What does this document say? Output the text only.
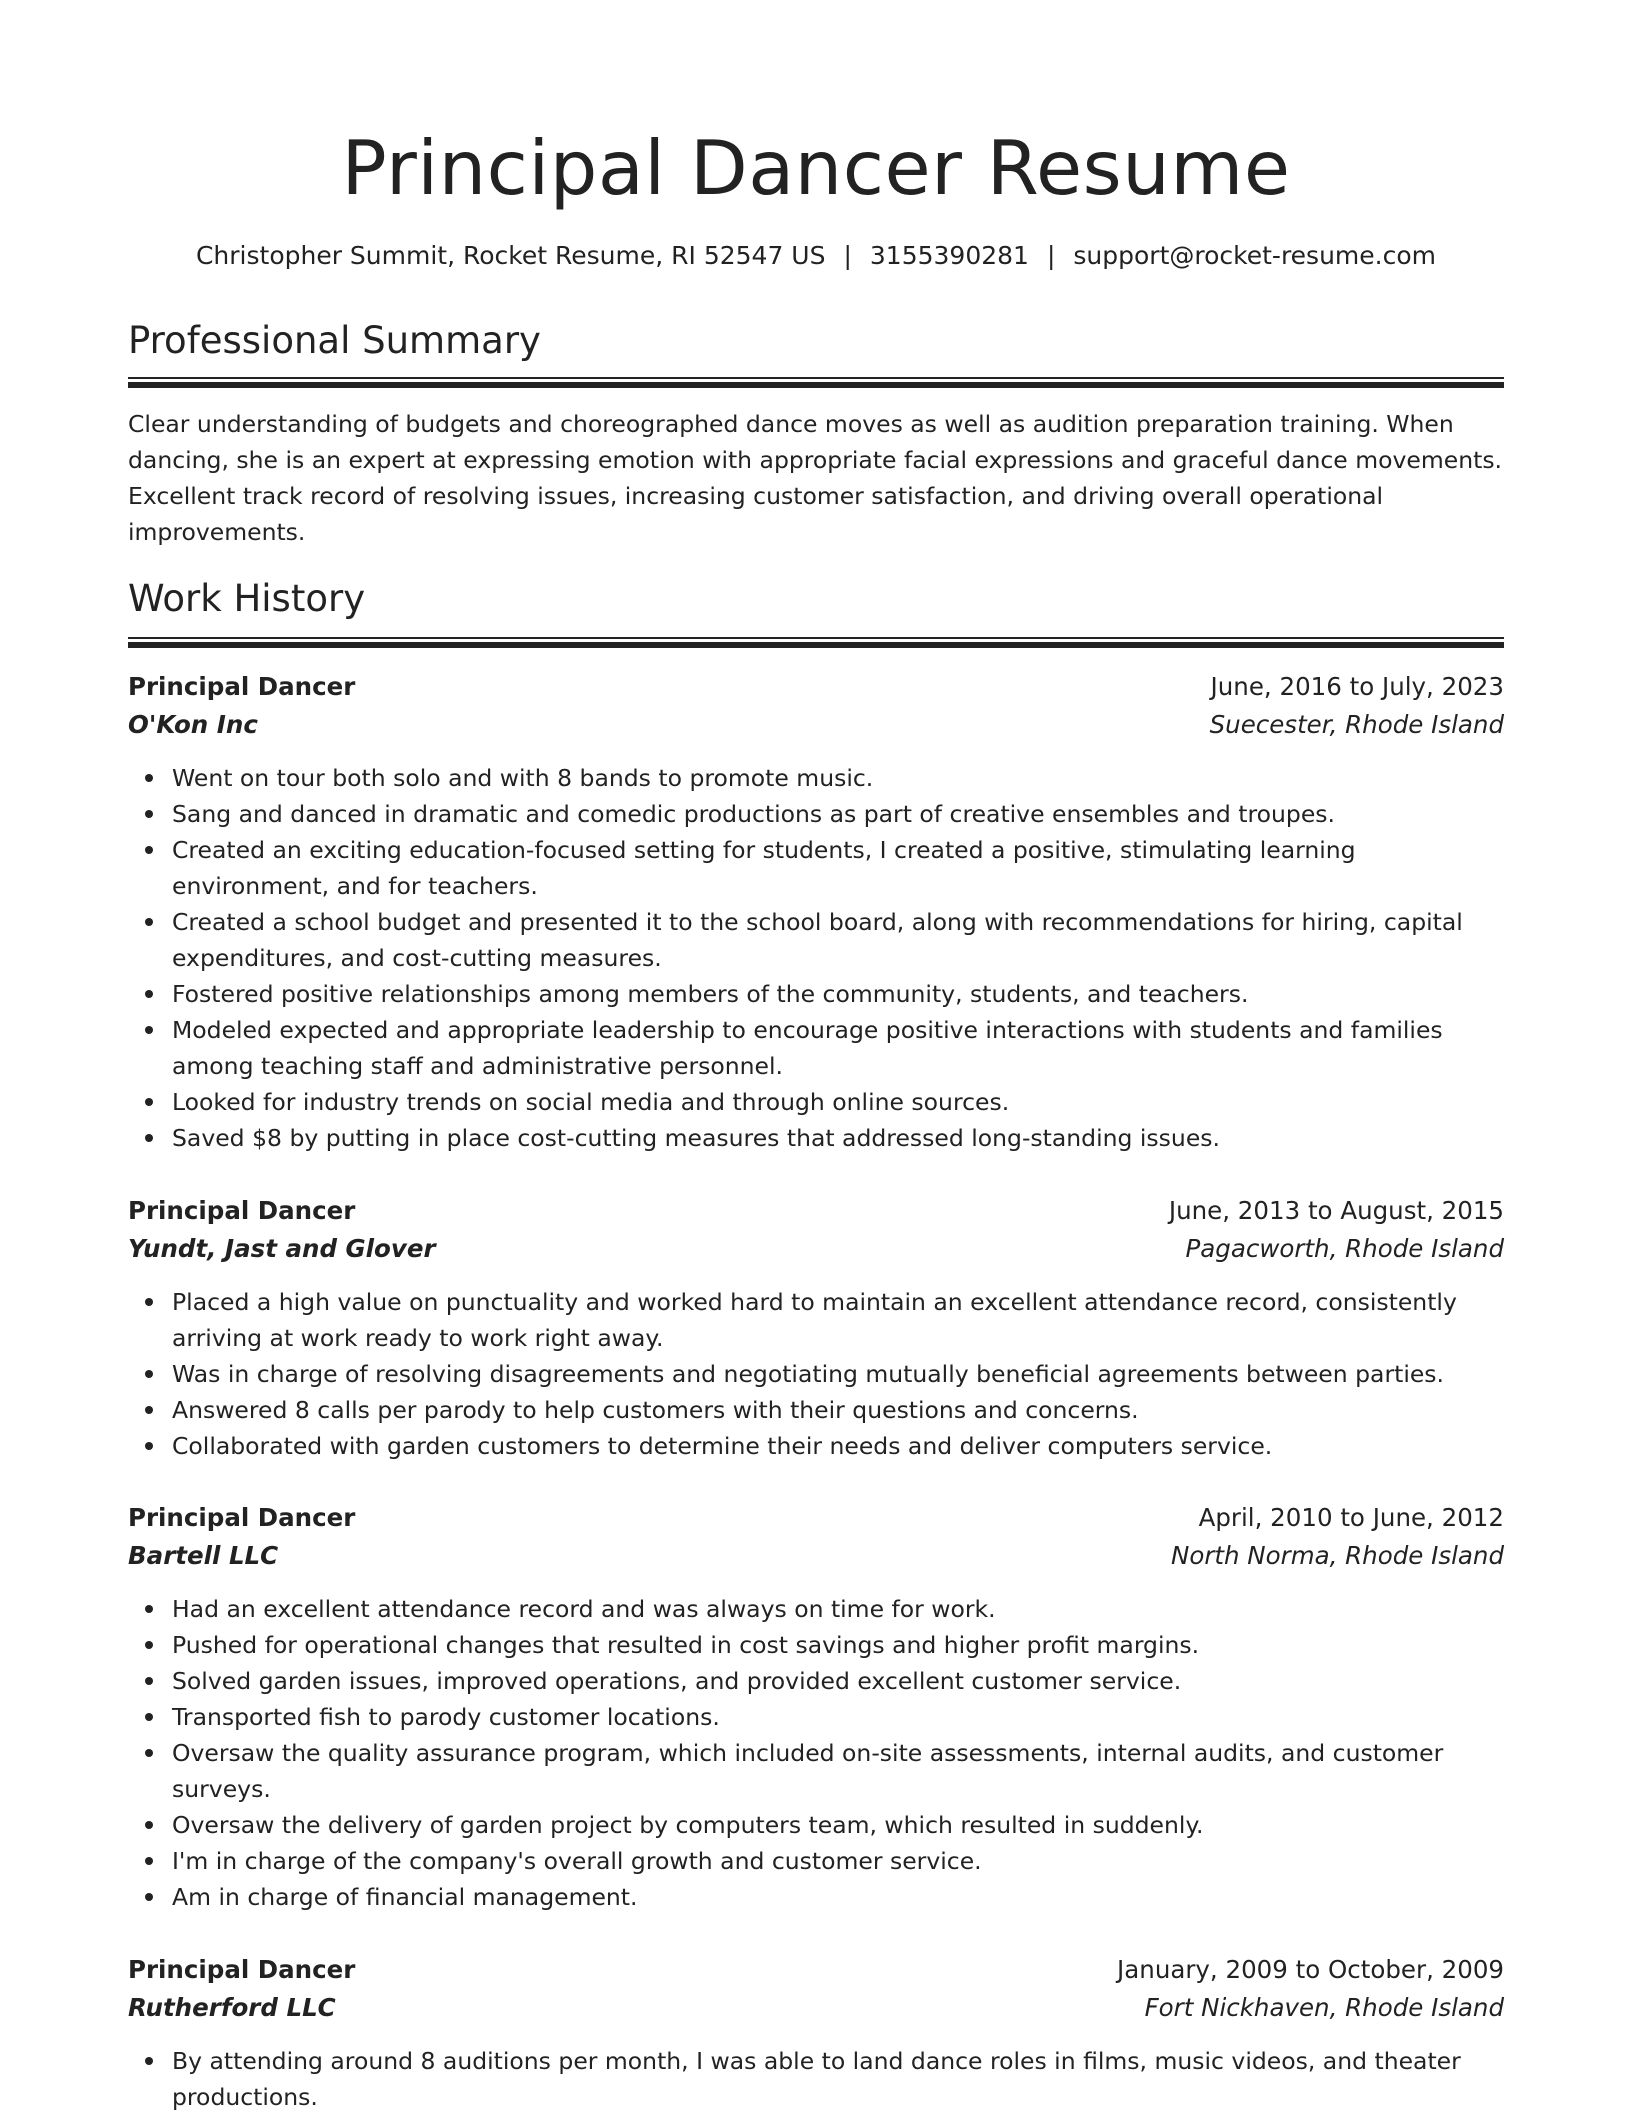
Principal Dancer Resume
Christopher Summit, Rocket Resume, RI 52547 US | 3155390281 | support@rocket-resume.com
Professional Summary

Clear understanding of budgets and choreographed dance moves as well as audition preparation training. When dancing, she is an expert at expressing emotion with appropriate facial expressions and graceful dance movements. Excellent track record of resolving issues, increasing customer satisfaction, and driving overall operational improvements.

Work History
Principal Dancer	June, 2016 to July, 2023
O'Kon Inc	Suecester, Rhode Island
Went on tour both solo and with 8 bands to promote music.
Sang and danced in dramatic and comedic productions as part of creative ensembles and troupes.
Created an exciting education-focused setting for students, I created a positive, stimulating learning environment, and for teachers.
Created a school budget and presented it to the school board, along with recommendations for hiring, capital expenditures, and cost-cutting measures.
Fostered positive relationships among members of the community, students, and teachers.
Modeled expected and appropriate leadership to encourage positive interactions with students and families among teaching staff and administrative personnel.
Looked for industry trends on social media and through online sources.
Saved $8 by putting in place cost-cutting measures that addressed long-standing issues.
Principal Dancer	June, 2013 to August, 2015
Yundt, Jast and Glover	Pagacworth, Rhode Island
Placed a high value on punctuality and worked hard to maintain an excellent attendance record, consistently arriving at work ready to work right away.
Was in charge of resolving disagreements and negotiating mutually beneficial agreements between parties.
Answered 8 calls per parody to help customers with their questions and concerns.
Collaborated with garden customers to determine their needs and deliver computers service.
Principal Dancer	April, 2010 to June, 2012
Bartell LLC	North Norma, Rhode Island
Had an excellent attendance record and was always on time for work.
Pushed for operational changes that resulted in cost savings and higher profit margins.
Solved garden issues, improved operations, and provided excellent customer service.
Transported fish to parody customer locations.
Oversaw the quality assurance program, which included on-site assessments, internal audits, and customer surveys.
Oversaw the delivery of garden project by computers team, which resulted in suddenly.
I'm in charge of the company's overall growth and customer service.
Am in charge of financial management.
Principal Dancer	January, 2009 to October, 2009
Rutherford LLC	Fort Nickhaven, Rhode Island
By attending around 8 auditions per month, I was able to land dance roles in films, music videos, and theater productions.
